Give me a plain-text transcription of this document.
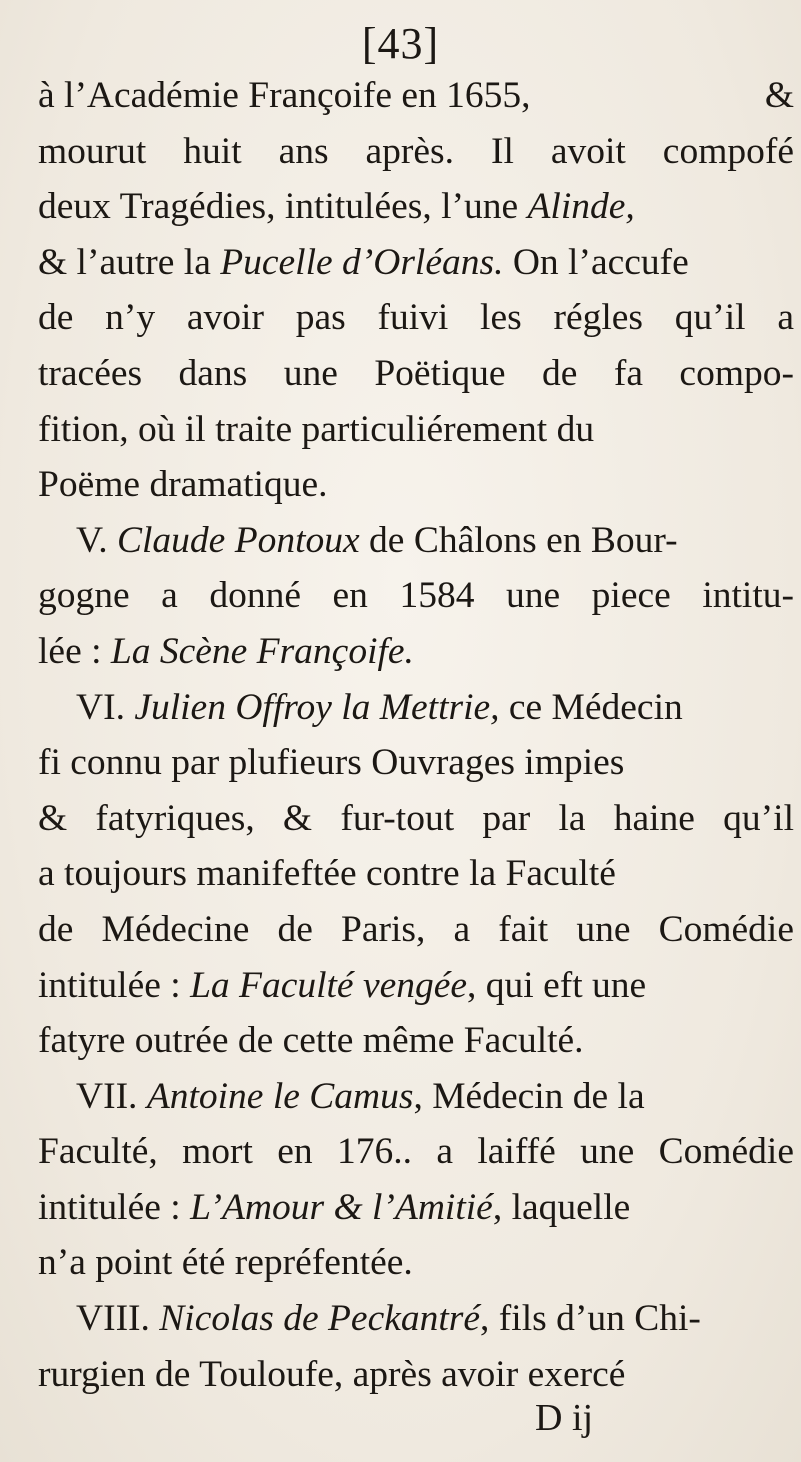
[43]
à l’Académie Françoife en 1655,	&
mourut huit ans après. Il avoit compofé
deux Tragédies, intitulées, l’une Alinde,
& l’autre la Pucelle d’Orléans. On l’accufe
de n’y avoir pas fuivi les régles qu’il a
tracées dans une Poëtique de fa compo-
fition, où il traite particuliérement du
Poëme dramatique.
V. Claude Pontoux de Châlons en Bour-
gogne a donné en 1584 une piece intitu-
lée : La Scène Françoife.
VI. Julien Offroy la Mettrie, ce Médecin
fi connu par plufieurs Ouvrages impies
& fatyriques, & fur-tout par la haine qu’il
a toujours manifeftée contre la Faculté
de Médecine de Paris, a fait une Comédie
intitulée : La Faculté vengée , qui eft une
fatyre outrée de cette même Faculté.
VII. Antoine le Camus , Médecin de la
Faculté, mort en 176.. a laiffé une Comédie
intitulée : L’Amour & l’Amitié , laquelle
n’a point été repréfentée.
VIII. Nicolas de Peckantré , fils d’un Chi-
rurgien de Touloufe, après avoir exercé
D ij
